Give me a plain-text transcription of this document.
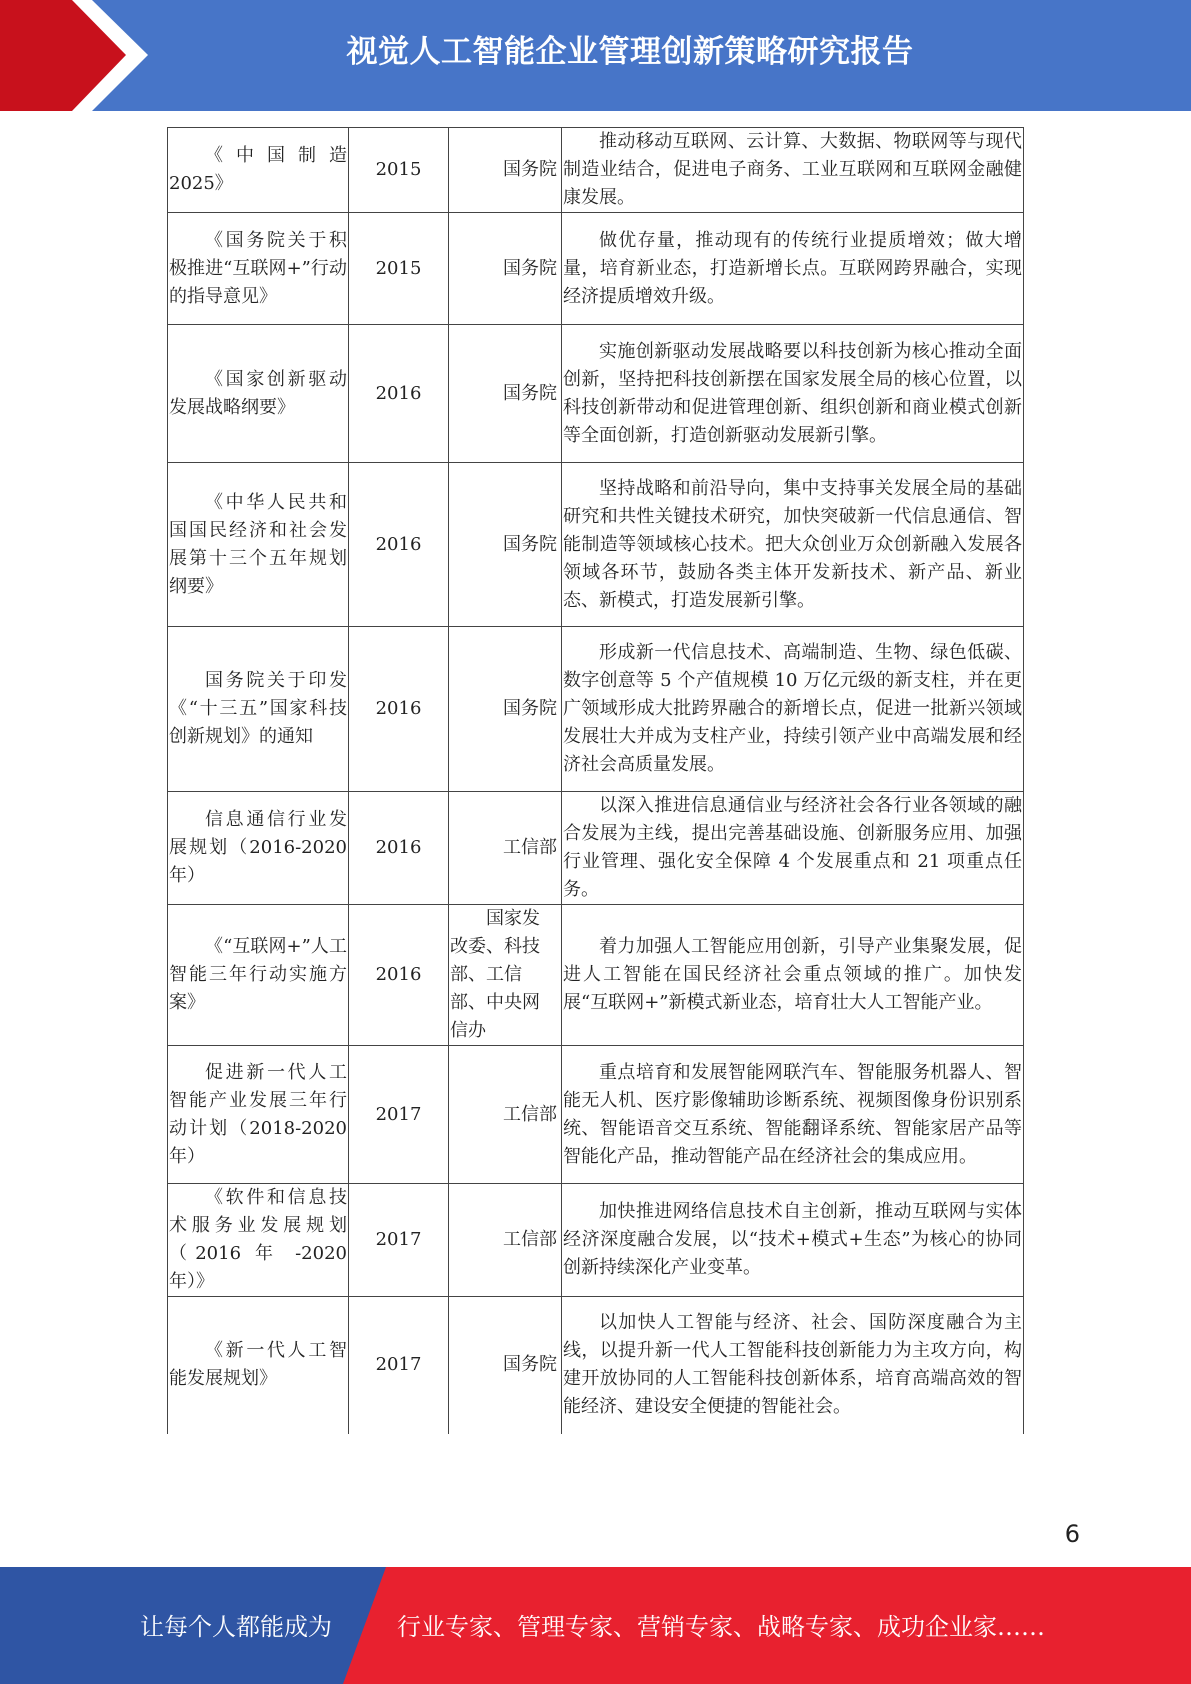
视觉人工智能企业管理创新策略研究报告
《中国制造2025》	2015	国务院	推动移动互联网、云计算、大数据、物联网等与现代制造业结合，促进电子商务、工业互联网和互联网金融健康发展。
《国务院关于积极推进“互联网+”行动的指导意见》	2015	国务院	做优存量，推动现有的传统行业提质增效；做大增量，培育新业态，打造新增长点。互联网跨界融合，实现经济提质增效升级。
《国家创新驱动发展战略纲要》	2016	国务院	实施创新驱动发展战略要以科技创新为核心推动全面创新，坚持把科技创新摆在国家发展全局的核心位置，以科技创新带动和促进管理创新、组织创新和商业模式创新等全面创新，打造创新驱动发展新引擎。
《中华人民共和国国民经济和社会发展第十三个五年规划纲要》	2016	国务院	坚持战略和前沿导向，集中支持事关发展全局的基础研究和共性关键技术研究，加快突破新一代信息通信、智能制造等领域核心技术。把大众创业万众创新融入发展各领域各环节，鼓励各类主体开发新技术、新产品、新业态、新模式，打造发展新引擎。
国务院关于印发《“十三五”国家科技创新规划》的通知	2016	国务院	形成新一代信息技术、高端制造、生物、绿色低碳、数字创意等 5 个产值规模 10 万亿元级的新支柱，并在更广领域形成大批跨界融合的新增长点，促进一批新兴领域发展壮大并成为支柱产业，持续引领产业中高端发展和经济社会高质量发展。
信息通信行业发展规划（2016-2020 年）	2016	工信部	以深入推进信息通信业与经济社会各行业各领域的融合发展为主线，提出完善基础设施、创新服务应用、加强行业管理、强化安全保障 4 个发展重点和 21 项重点任务。
《“互联网+”人工智能三年行动实施方案》	2016	国家发改委、科技部、工信部、中央网信办	着力加强人工智能应用创新，引导产业集聚发展，促进人工智能在国民经济社会重点领域的推广。加快发展“互联网+”新模式新业态，培育壮大人工智能产业。
促进新一代人工智能产业发展三年行动计划（2018-2020年）	2017	工信部	重点培育和发展智能网联汽车、智能服务机器人、智能无人机、医疗影像辅助诊断系统、视频图像身份识别系统、智能语音交互系统、智能翻译系统、智能家居产品等智能化产品，推动智能产品在经济社会的集成应用。
《软件和信息技术服务业发展规划（2016 年 -2020年）》	2017	工信部	加快推进网络信息技术自主创新，推动互联网与实体经济深度融合发展，以“技术+模式+生态”为核心的协同创新持续深化产业变革。
《新一代人工智能发展规划》	2017	国务院	以加快人工智能与经济、社会、国防深度融合为主线，以提升新一代人工智能科技创新能力为主攻方向，构建开放协同的人工智能科技创新体系，培育高端高效的智能经济、建设安全便捷的智能社会。
6
让每个人都能成为	行业专家、管理专家、营销专家、战略专家、成功企业家……
